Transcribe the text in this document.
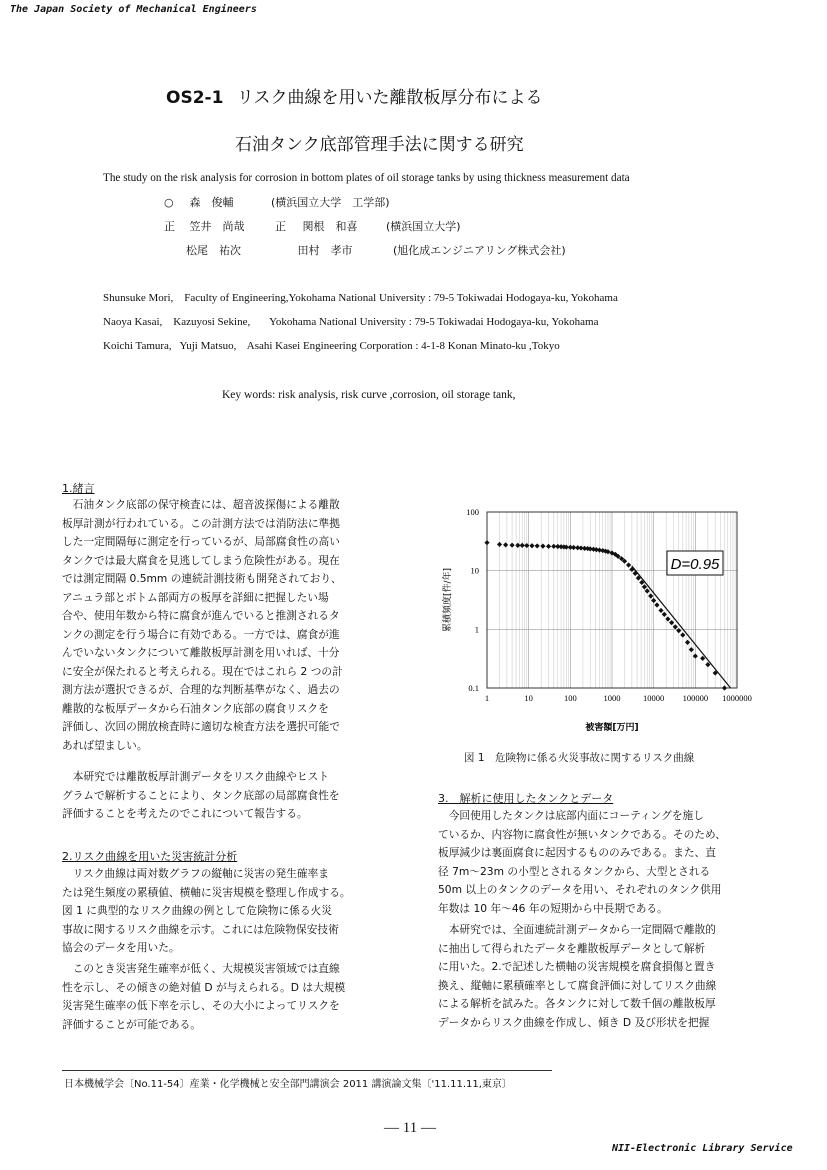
The Japan Society of Mechanical Engineers
OS2-1 リスク曲線を用いた離散板厚分布による
石油タンク底部管理手法に関する研究
The study on the risk analysis for corrosion in bottom plates of oil storage tanks by using thickness measurement data
○ 森　俊輔	(横浜国立大学　工学部)
正 笠井　尚哉	正 関根　和喜	(横浜国立大学)
松尾　祐次	田村　孝市	(旭化成エンジニアリング株式会社)
Shunsuke Mori,    Faculty of Engineering,Yokohama National University : 79-5 Tokiwadai Hodogaya-ku, Yokohama
Naoya Kasai,    Kazuyosi Sekine,       Yokohama National University : 79-5 Tokiwadai Hodogaya-ku, Yokohama
Koichi Tamura,   Yuji Matsuo,    Asahi Kasei Engineering Corporation : 4-1-8 Konan Minato-ku ,Tokyo
Key words: risk analysis, risk curve ,corrosion, oil storage tank,
1.緒言
　石油タンク底部の保守検査には、超音波探傷による離散
板厚計測が行われている。この計測方法では消防法に準拠
した一定間隔毎に測定を行っているが、局部腐食性の高い
タンクでは最大腐食を見逃してしまう危険性がある。現在
では測定間隔 0.5mm の連続計測技術も開発されており、
アニュラ部とボトム部両方の板厚を詳細に把握したい場
合や、使用年数から特に腐食が進んでいると推測されるタ
ンクの測定を行う場合に有効である。一方では、腐食が進
んでいないタンクについて離散板厚計測を用いれば、十分
に安全が保たれると考えられる。現在ではこれら 2 つの計
測方法が選択できるが、合理的な判断基準がなく、過去の
離散的な板厚データから石油タンク底部の腐食リスクを
評価し、次回の開放検査時に適切な検査方法を選択可能で
あれば望ましい。
　本研究では離散板厚計測データをリスク曲線やヒスト
グラムで解析することにより、タンク底部の局部腐食性を
評価することを考えたのでこれについて報告する。
2.リスク曲線を用いた災害統計分析
　リスク曲線は両対数グラフの縦軸に災害の発生確率ま
たは発生頻度の累積値、横軸に災害規模を整理し作成する。
図 1 に典型的なリスク曲線の例として危険物に係る火災
事故に関するリスク曲線を示す。これには危険物保安技術
協会のデータを用いた。
　このとき災害発生確率が低く、大規模災害領域では直線
性を示し、その傾きの絶対値 D が与えられる。D は大規模
災害発生確率の低下率を示し、その大小によってリスクを
評価することが可能である。
1	10	100	1000	10000 100000 1000000
100
10
1
0.1
D=0.95
累積頻度[件/年]
被害額[万円]
図 1　危険物に係る火災事故に関するリスク曲線
3.　解析に使用したタンクとデータ
　今回使用したタンクは底部内面にコーティングを施し
ているか、内容物に腐食性が無いタンクである。そのため、
板厚減少は裏面腐食に起因するもののみである。また、直
径 7m〜23m の小型とされるタンクから、大型とされる
50m 以上のタンクのデータを用い、それぞれのタンク供用
年数は 10 年〜46 年の短期から中長期である。
　本研究では、全面連続計測データから一定間隔で離散的
に抽出して得られたデータを離散板厚データとして解析
に用いた。2.で記述した横軸の災害規模を腐食損傷と置き
換え、縦軸に累積確率として腐食評価に対してリスク曲線
による解析を試みた。各タンクに対して数千個の離散板厚
データからリスク曲線を作成し、傾き D 及び形状を把握
日本機械学会〔No.11-54〕産業・化学機械と安全部門講演会 2011 講演論文集〔'11.11.11,東京〕
— 11 —
NII-Electronic Library Service
